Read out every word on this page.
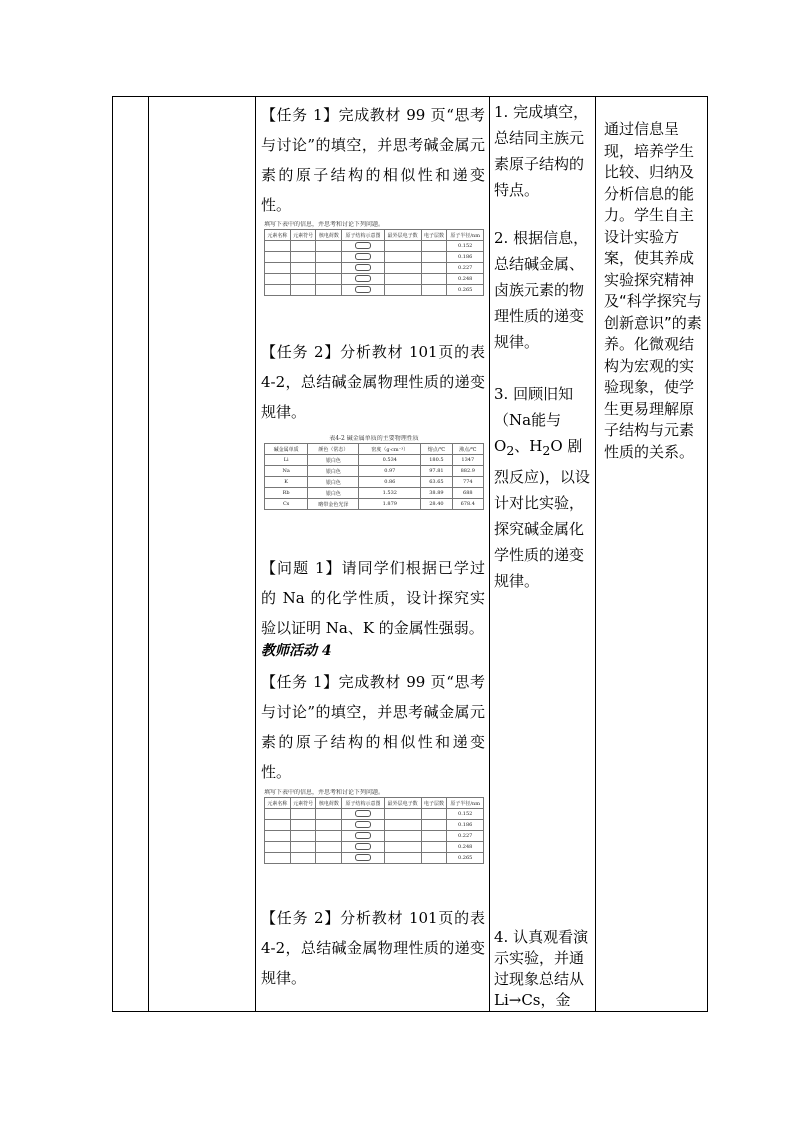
【任务 1】完成教材 99 页“思考与讨论”的填空，并思考碱金属元素的原子结构的相似性和递变性。

填写下表中的信息，并思考和讨论下列问题。
元素名称	元素符号	核电荷数	原子结构示意图	最外层电子数	电子层数	原子半径/nm
						0.152
						0.186
						0.227
						0.248
						0.265

【任务 2】分析教材 101页的表 4-2，总结碱金属物理性质的递变规律。

表4-2 碱金属单质的主要物理性质
碱金属单质	颜色（常态）	密度（g·cm⁻³）	熔点/℃	沸点/℃
Li	银白色	0.534	180.5	1347
Na	银白色	0.97	97.81	882.9
K	银白色	0.86	63.65	774
Rb	银白色	1.532	38.89	688
Cs	略带金色光泽	1.879	28.40	678.4

【问题 1】请同学们根据已学过的 Na 的化学性质，设计探究实验以证明 Na、K 的金属性强弱。

教师活动 4

【任务 1】完成教材 99 页“思考与讨论”的填空，并思考碱金属元素的原子结构的相似性和递变性。

填写下表中的信息，并思考和讨论下列问题。
元素名称	元素符号	核电荷数	原子结构示意图	最外层电子数	电子层数	原子半径/nm
						0.152
						0.186
						0.227
						0.248
						0.265

【任务 2】分析教材 101页的表 4-2，总结碱金属物理性质的递变规律。

1. 完成填空，总结同主族元素原子结构的特点。

2. 根据信息，总结碱金属、卤族元素的物理性质的递变规律。

3. 回顾旧知（Na能与 $O_2$、$H_2O$ 剧烈反应)，以设计对比实验，探究碱金属化学性质的递变规律。

4. 认真观看演示实验，并通过现象总结从 Li→Cs，金

通过信息呈现，培养学生比较、归纳及分析信息的能力。学生自主设计实验方案，使其养成实验探究精神及“科学探究与创新意识”的素养。化微观结构为宏观的实验现象，使学生更易理解原子结构与元素性质的关系。
